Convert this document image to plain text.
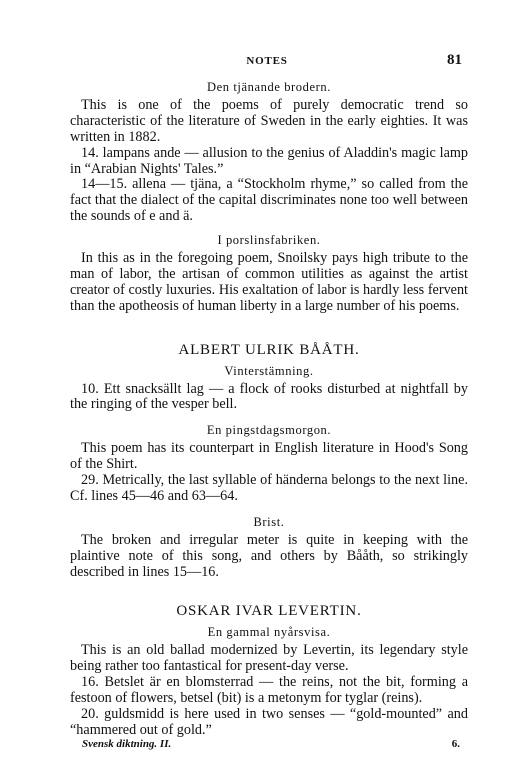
NOTES	81
Den tjänande brodern.

This is one of the poems of purely democratic trend so characteristic of the literature of Sweden in the early eighties. It was written in 1882.

14. lampans ande — allusion to the genius of Aladdin's magic lamp in “Arabian Nights' Tales.”

14—15. allena — tjäna, a “Stockholm rhyme,” so called from the fact that the dialect of the capital discriminates none too well between the sounds of e and ä.

I porslinsfabriken.

In this as in the foregoing poem, Snoilsky pays high tribute to the man of labor, the artisan of common utilities as against the artist creator of costly luxuries. His exaltation of labor is hardly less fervent than the apotheosis of human liberty in a large number of his poems.

ALBERT ULRIK BÅÅTH.
Vinterstämning.

10. Ett snacksällt lag — a flock of rooks disturbed at nightfall by the ringing of the vesper bell.

En pingstdagsmorgon.

This poem has its counterpart in English literature in Hood's Song of the Shirt.

29. Metrically, the last syllable of händerna belongs to the next line. Cf. lines 45—46 and 63—64.

Brist.

The broken and irregular meter is quite in keeping with the plaintive note of this song, and others by Bååth, so strikingly described in lines 15—16.

OSKAR IVAR LEVERTIN.
En gammal nyårsvisa.

This is an old ballad modernized by Levertin, its legendary style being rather too fantastical for present-day verse.

16. Betslet är en blomsterrad — the reins, not the bit, forming a festoon of flowers, betsel (bit) is a metonym for tyglar (reins).

20. guldsmidd is here used in two senses — “gold-mounted” and “hammered out of gold.”

Svensk diktning. II.	6.
